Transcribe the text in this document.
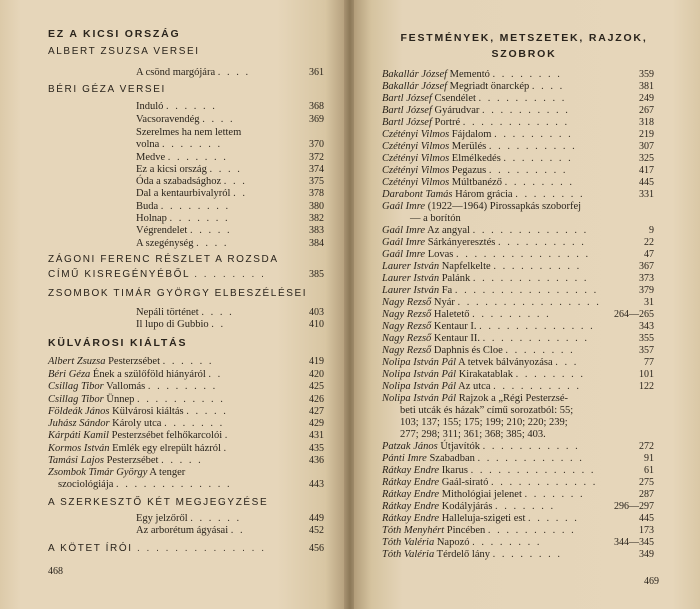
EZ A KICSI ORSZÁG
ALBERT ZSUZSA VERSEI
A csönd margójára . . . .	361
BÉRI GÉZA VERSEI
Induló . . . . . .	368
Vacsoravendég . . . .	369
Szerelmes ha nem lettem
volna . . . . . . .	370
Medve . . . . . . .	372
Ez a kicsi ország . . . .	374
Óda a szabadsághoz . . .	375
Dal a kentaurbivalyról . .	378
Buda . . . . . . . .	380
Holnap . . . . . . .	382
Végrendelet . . . . .	383
A szegénység . . . .	384
ZÁGONI FERENC RÉSZLET A ROZSDA
CÍMŰ KISREGÉNYÉBŐL . . . . . . . .	385
ZSOMBOK TIMÁR GYÖRGY ELBESZÉLÉSEI
Nepáli történet . . . .	403
Il lupo di Gubbio . .	410
KÜLVÁROSI KIÁLTÁS
Albert Zsuzsa Pesterzsébet . . . . . .	419
Béri Géza Ének a szülőföld hiányáról . .	420
Csillag Tibor Vallomás . . . . . . . .	425
Csillag Tibor Ünnep . . . . . . . . . .	426
Földeák János Külvárosi kiáltás . . . . .	427
Juhász Sándor Károly utca . . . . . . .	429
Kárpáti Kamil Pesterzsébet felhőkarcolói .	431
Kormos István Emlék egy elrepült házról .	435
Tamási Lajos Pesterzsébet . . . . .	436
Zsombok Timár György A tenger
szociológiája . . . . . . . . . . . . .	443
A SZERKESZTŐ KÉT MEGJEGYZÉSE
Egy jelzőről . . . . . .	449
Az arborétum ágyásai . .	452
A KÖTET ÍRÓI . . . . . . . . . . . . . .	456
468
FESTMÉNYEK, METSZETEK, RAJZOK,
SZOBROK
Bakallár József Mementó . . . . . . . .	359
Bakallár József Megriadt önarckép . . . .	381
Bartl József Csendélet . . . . . . . . . .	249
Bartl József Gyárudvar . . . . . . . . . .	267
Bartl József Portré . . . . . . . . . . . .	318
Czétényi Vilmos Fájdalom . . . . . . . . .	219
Czétényi Vilmos Merülés . . . . . . . . . .	307
Czétényi Vilmos Elmélkedés . . . . . . . .	325
Czétényi Vilmos Pegazus . . . . . . . . .	417
Czétényi Vilmos Múltbanéző . . . . . . . .	445
Darabont Tamás Három grácia . . . . . . . .	331
Gaál Imre (1922—1964) Pirossapkás szoborfej
— a borítón
Gaál Imre Az angyal . . . . . . . . . . . . .	9
Gaál Imre Sárkányeresztés . . . . . . . . . .	22
Gaál Imre Lovas . . . . . . . . . . . . . . .	47
Laurer István Napfelkelte . . . . . . . . . .	367
Laurer István Palánk . . . . . . . . . . . . .	373
Laurer István Fa . . . . . . . . . . . . . . . .	379
Nagy Rezső Nyár . . . . . . . . . . . . . . . .	31
Nagy Rezső Haletető . . . . . . . . .	264—265
Nagy Rezső Kentaur I. . . . . . . . . . . . . .	343
Nagy Rezső Kentaur II. . . . . . . . . . . . .	355
Nagy Rezső Daphnis és Cloe . . . . . . . .	357
Nolipa István Pál A tetvek bálványozása . . .	77
Nolipa István Pál Kirakatablak . . . . . . . .	101
Nolipa István Pál Az utca . . . . . . . . . .	122
Nolipa István Pál Rajzok a „Régi Pesterzsé-
beti utcák és házak” című sorozatból: 55;
103; 137; 155; 175; 199; 210; 220; 239;
277; 298; 311; 361; 368; 385; 403.
Patzak János Útjavítók . . . . . . . . . . .	272
Pánti Imre Szabadban . . . . . . . . . . . .	91
Rátkay Endre Ikarus . . . . . . . . . . . . . .	61
Rátkay Endre Gaál-sirató . . . . . . . . . . . .	275
Rátkay Endre Mithológiai jelenet . . . . . . .	287
Rátkay Endre Kodályjárás . . . . . . .	296—297
Rátkay Endre Halleluja-szigeti est . . . . . .	445
Tóth Menyhért Pincében . . . . . . . . . .	173
Tóth Valéria Napozó . . . . . . . .	344—345
Tóth Valéria Térdelő lány . . . . . . . .	349
469
